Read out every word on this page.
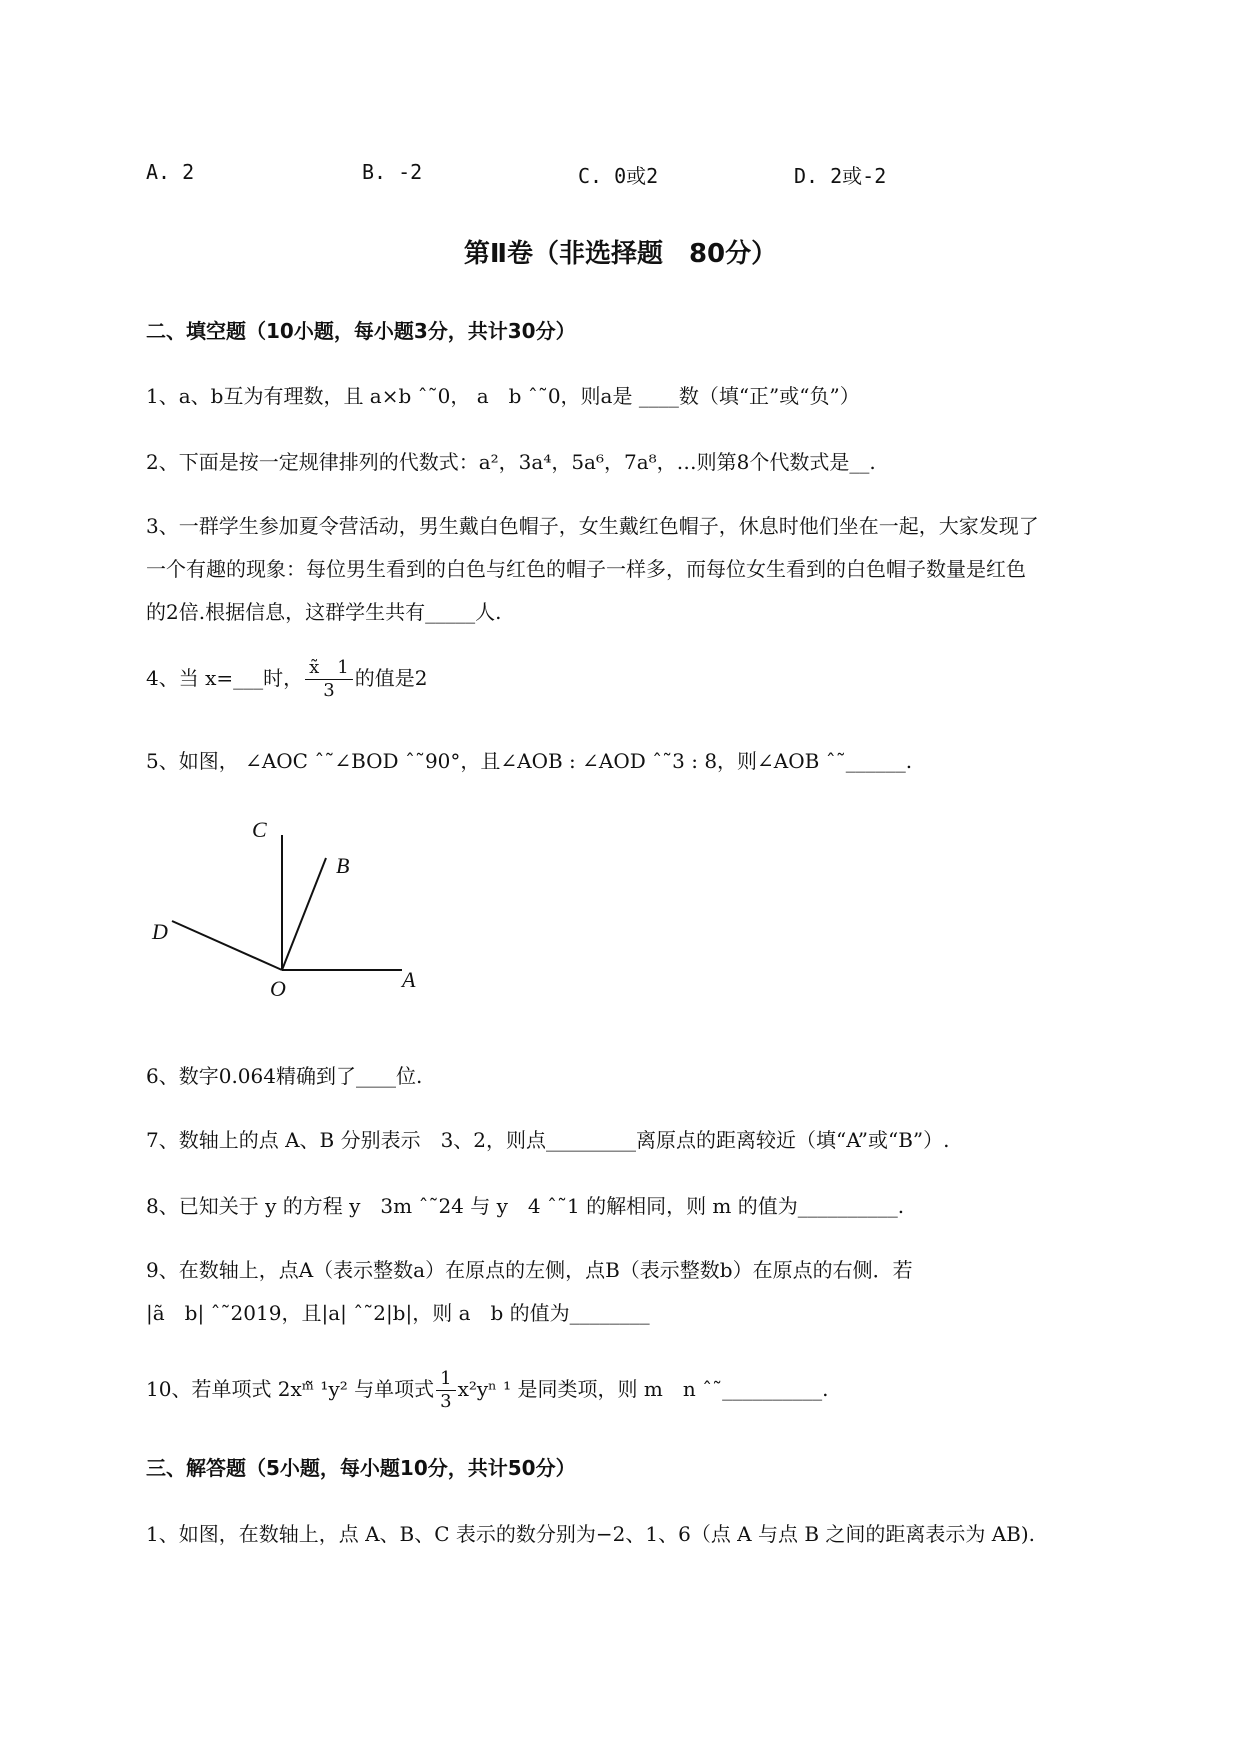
A. 2	B. -2	C. 0或2	D. 2或-2
第Ⅱ卷（非选择题　80分）
二、填空题（10小题，每小题3分，共计30分）
1、a、b互为有理数，且 a×b ˆ˜0， a　b ˆ˜0，则a是 ____数（填“正”或“负”）
2、下面是按一定规律排列的代数式：a²，3a⁴，5a⁶，7a⁸，…则第8个代数式是__.
3、一群学生参加夏令营活动，男生戴白色帽子，女生戴红色帽子，休息时他们坐在一起，大家发现了
一个有趣的现象：每位男生看到的白色与红色的帽子一样多，而每位女生看到的白色帽子数量是红色
的2倍.根据信息，这群学生共有_____人.
4、当 x=___时， $\frac{x̃ 1}{3}$ 的值是2
5、如图， ∠AOC ˆ˜∠BOD ˆ˜90°，且∠AOB : ∠AOD ˆ˜3 : 8，则∠AOB ˆ˜______.
C
B
D
O	A
6、数字0.064精确到了____位.
7、数轴上的点 A、B 分别表示　3、2，则点_________离原点的距离较近（填“A”或“B”）.
8、已知关于 y 的方程 y　3m ˆ˜24 与 y　4 ˆ˜1 的解相同，则 m 的值为__________.
9、在数轴上，点A（表示整数a）在原点的左侧，点B（表示整数b）在原点的右侧．若
|ã　b| ˆ˜2019，且|a| ˆ˜2|b|，则 a　b 的值为________
10、若单项式 2xᵐ̃ ¹y² 与单项式 $\frac{1}{3} x^2y^n$ ¹ 是同类项，则 m　n ˆ˜__________.
三、解答题（5小题，每小题10分，共计50分）
1、如图，在数轴上，点 A、B、C 表示的数分别为−2、1、6（点 A 与点 B 之间的距离表示为 AB).
